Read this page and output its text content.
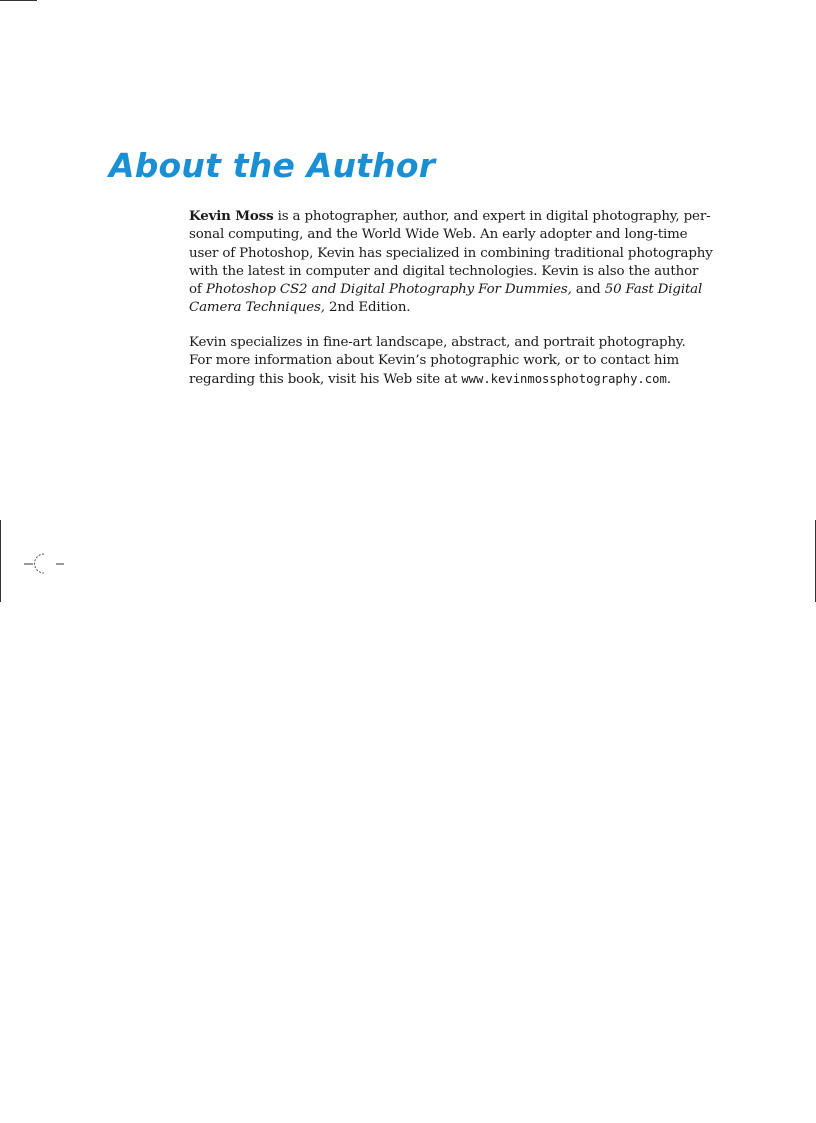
About the Author

Kevin Moss is a photographer, author, and expert in digital photography, per-
sonal computing, and the World Wide Web. An early adopter and long-time
user of Photoshop, Kevin has specialized in combining traditional photography
with the latest in computer and digital technologies. Kevin is also the author
of Photoshop CS2 and Digital Photography For Dummies, and 50 Fast Digital
Camera Techniques, 2nd Edition.

Kevin specializes in fine-art landscape, abstract, and portrait photography.
For more information about Kevin’s photographic work, or to contact him
regarding this book, visit his Web site at www.kevinmossphotography.com.
